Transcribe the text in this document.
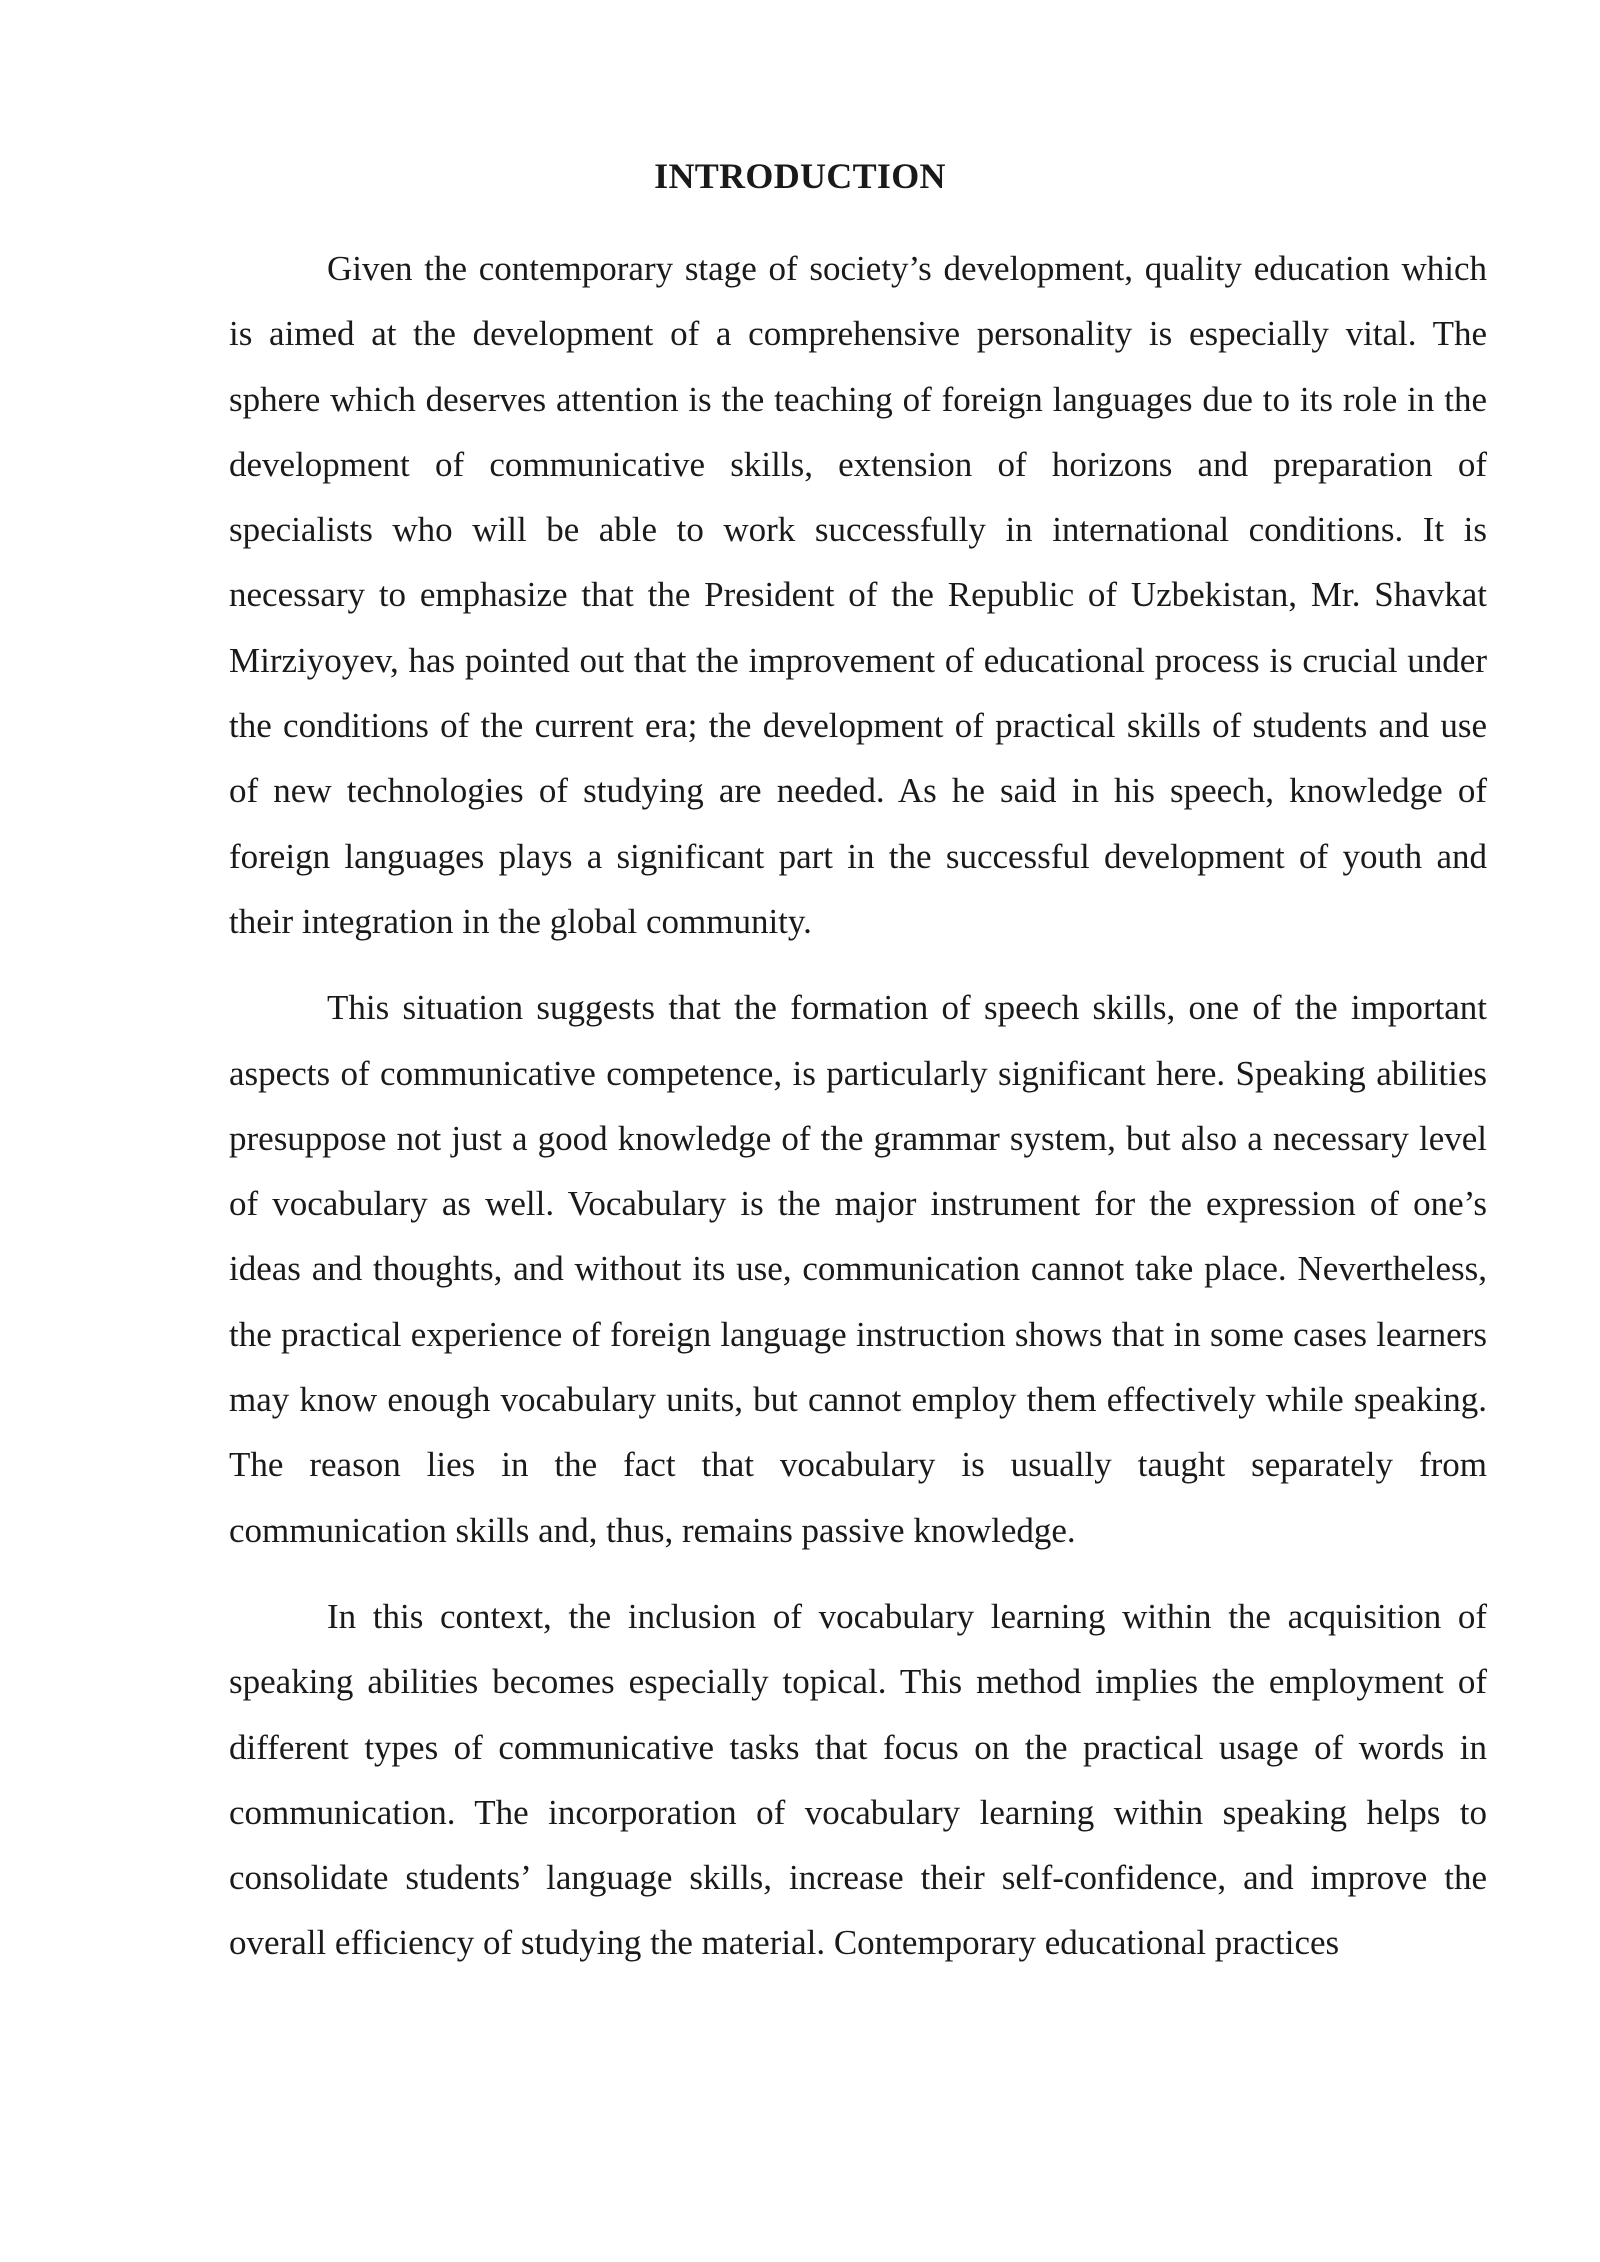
INTRODUCTION

Given the contemporary stage of society’s development, quality education which is aimed at the development of a comprehensive personality is especially vital. The sphere which deserves attention is the teaching of foreign languages due to its role in the development of communicative skills, extension of horizons and preparation of specialists who will be able to work successfully in international conditions. It is necessary to emphasize that the President of the Republic of Uzbekistan, Mr. Shavkat Mirziyoyev, has pointed out that the improvement of educational process is crucial under the conditions of the current era; the development of practical skills of students and use of new technologies of studying are needed. As he said in his speech, knowledge of foreign languages plays a significant part in the successful development of youth and their integration in the global community.

This situation suggests that the formation of speech skills, one of the important aspects of communicative competence, is particularly significant here. Speaking abilities presuppose not just a good knowledge of the grammar system, but also a necessary level of vocabulary as well. Vocabulary is the major instrument for the expression of one’s ideas and thoughts, and without its use, communication cannot take place. Nevertheless, the practical experience of foreign language instruction shows that in some cases learners may know enough vocabulary units, but cannot employ them effectively while speaking. The reason lies in the fact that vocabulary is usually taught separately from communication skills and, thus, remains passive knowledge.

In this context, the inclusion of vocabulary learning within the acquisition of speaking abilities becomes especially topical. This method implies the employment of different types of communicative tasks that focus on the practical usage of words in communication. The incorporation of vocabulary learning within speaking helps to consolidate students’ language skills, increase their self-confidence, and improve the overall efficiency of studying the material. Contemporary educational practices
